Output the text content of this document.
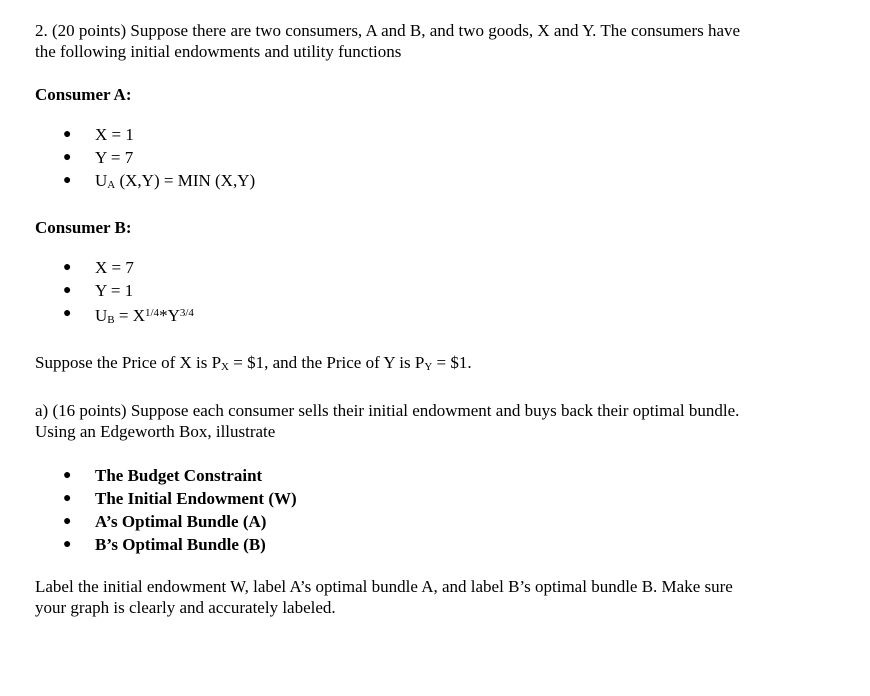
2. (20 points) Suppose there are two consumers, A and B, and two goods, X and Y. The consumers have

the following initial endowments and utility functions

Consumer A:

● X = 1
● Y = 7
● $U_A$ (X,Y) = MIN (X,Y)

Consumer B:

● X = 7
● Y = 1
● $U_B = X^{1/4}*Y^{3/4}$

Suppose the Price of X is $P_X$ = $1, and the Price of Y is $P_Y$ = $1.

a) (16 points) Suppose each consumer sells their initial endowment and buys back their optimal bundle.

Using an Edgeworth Box, illustrate

● The Budget Constraint
● The Initial Endowment (W)
● A’s Optimal Bundle (A)
● B’s Optimal Bundle (B)

Label the initial endowment W, label A’s optimal bundle A, and label B’s optimal bundle B. Make sure

your graph is clearly and accurately labeled.
